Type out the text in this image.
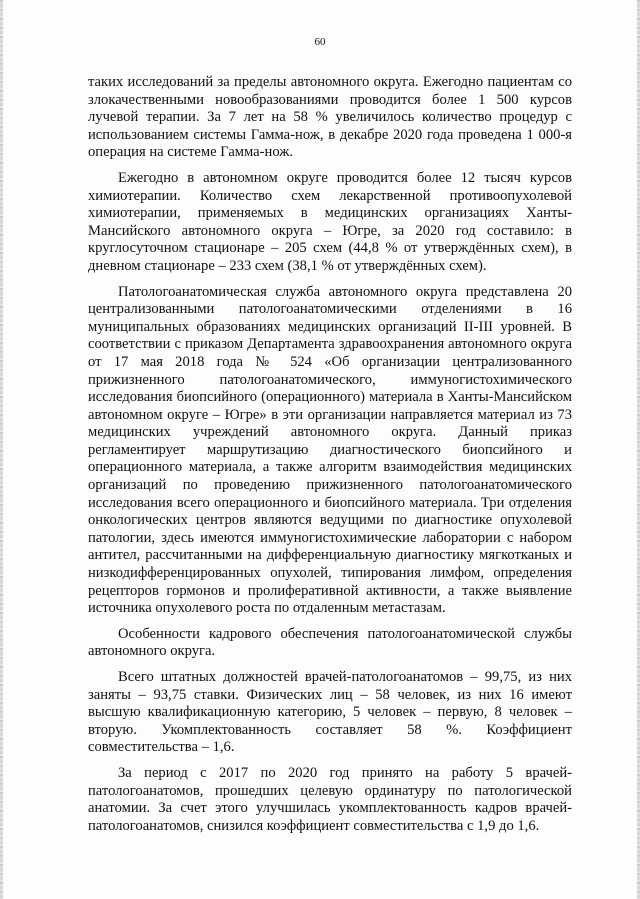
60

таких исследований за пределы автономного округа. Ежегодно пациентам со злокачественными новообразованиями проводится более 1 500 курсов лучевой терапии. За 7 лет на 58 % увеличилось количество процедур с использованием системы Гамма-нож, в декабре 2020 года проведена 1 000-я операция на системе Гамма-нож.

Ежегодно в автономном округе проводится более 12 тысяч курсов химиотерапии. Количество схем лекарственной противоопухолевой химиотерапии, применяемых в медицинских организациях Ханты-Мансийского автономного округа – Югре, за 2020 год составило: в круглосуточном стационаре – 205 схем (44,8 % от утверждённых схем), в дневном стационаре – 233 схем (38,1 % от утверждённых схем).

Патологоанатомическая служба автономного округа представлена 20 централизованными патологоанатомическими отделениями в 16 муниципальных образованиях медицинских организаций II-III уровней. В соответствии с приказом Департамента здравоохранения автономного округа от 17 мая 2018 года № 524 «Об организации централизованного прижизненного патологоанатомического, иммуногистохимического исследования биопсийного (операционного) материала в Ханты-Мансийском автономном округе – Югре» в эти организации направляется материал из 73 медицинских учреждений автономного округа. Данный приказ регламентирует маршрутизацию диагностического биопсийного и операционного материала, а также алгоритм взаимодействия медицинских организаций по проведению прижизненного патологоанатомического исследования всего операционного и биопсийного материала. Три отделения онкологических центров являются ведущими по диагностике опухолевой патологии, здесь имеются иммуногистохимические лаборатории с набором антител, рассчитанными на дифференциальную диагностику мягкотканых и низкодифференцированных опухолей, типирования лимфом, определения рецепторов гормонов и пролиферативной активности, а также выявление источника опухолевого роста по отдаленным метастазам.

Особенности кадрового обеспечения патологоанатомической службы автономного округа.

Всего штатных должностей врачей-патологоанатомов – 99,75, из них заняты – 93,75 ставки. Физических лиц – 58 человек, из них 16 имеют высшую квалификационную категорию, 5 человек – первую, 8 человек – вторую. Укомплектованность составляет 58 %. Коэффициент совместительства – 1,6.

За период с 2017 по 2020 год принято на работу 5 врачей-патологоанатомов, прошедших целевую ординатуру по патологической анатомии. За счет этого улучшилась укомплектованность кадров врачей-патологоанатомов, снизился коэффициент совместительства с 1,9 до 1,6.
